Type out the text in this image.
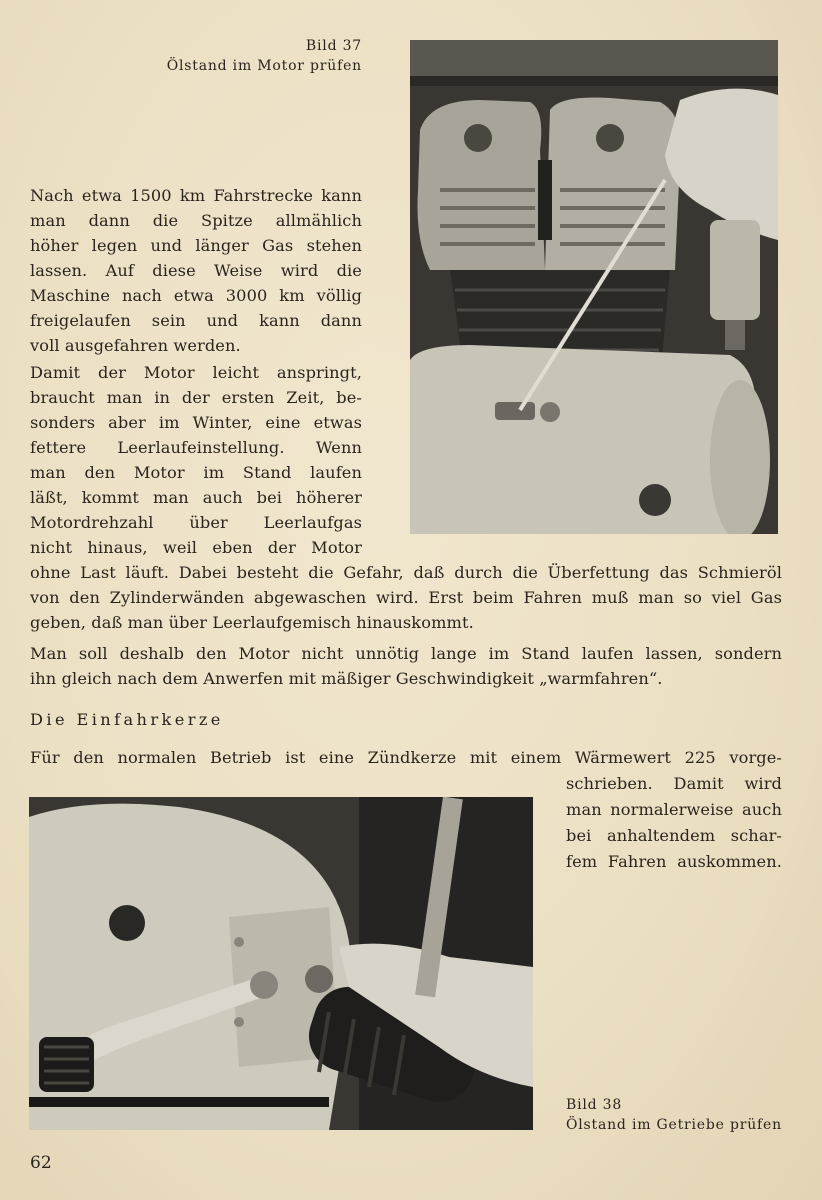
Bild 37
Ölstand im Motor prüfen
Nach etwa 1500 km Fahrstrecke kann
man dann die Spitze allmählich
höher legen und länger Gas stehen
lassen. Auf diese Weise wird die
Maschine nach etwa 3000 km völlig
freigelaufen sein und kann dann
voll ausgefahren werden.
Damit der Motor leicht anspringt,
braucht man in der ersten Zeit, be-
sonders aber im Winter, eine etwas
fettere Leerlaufeinstellung. Wenn
man den Motor im Stand laufen
läßt, kommt man auch bei höherer
Motordrehzahl über Leerlaufgas
nicht hinaus, weil eben der Motor
ohne Last läuft. Dabei besteht die Gefahr, daß durch die Überfettung das Schmieröl
von den Zylinderwänden abgewaschen wird. Erst beim Fahren muß man so viel Gas
geben, daß man über Leerlaufgemisch hinauskommt.
Man soll deshalb den Motor nicht unnötig lange im Stand laufen lassen, sondern
ihn gleich nach dem Anwerfen mit mäßiger Geschwindigkeit „warmfahren“.
Die Einfahrkerze
Für den normalen Betrieb ist eine Zündkerze mit einem Wärmewert 225 vorge-
schrieben. Damit wird
man normalerweise auch
bei anhaltendem schar-
fem Fahren auskommen.
Bild 38
Ölstand im Getriebe prüfen
62
